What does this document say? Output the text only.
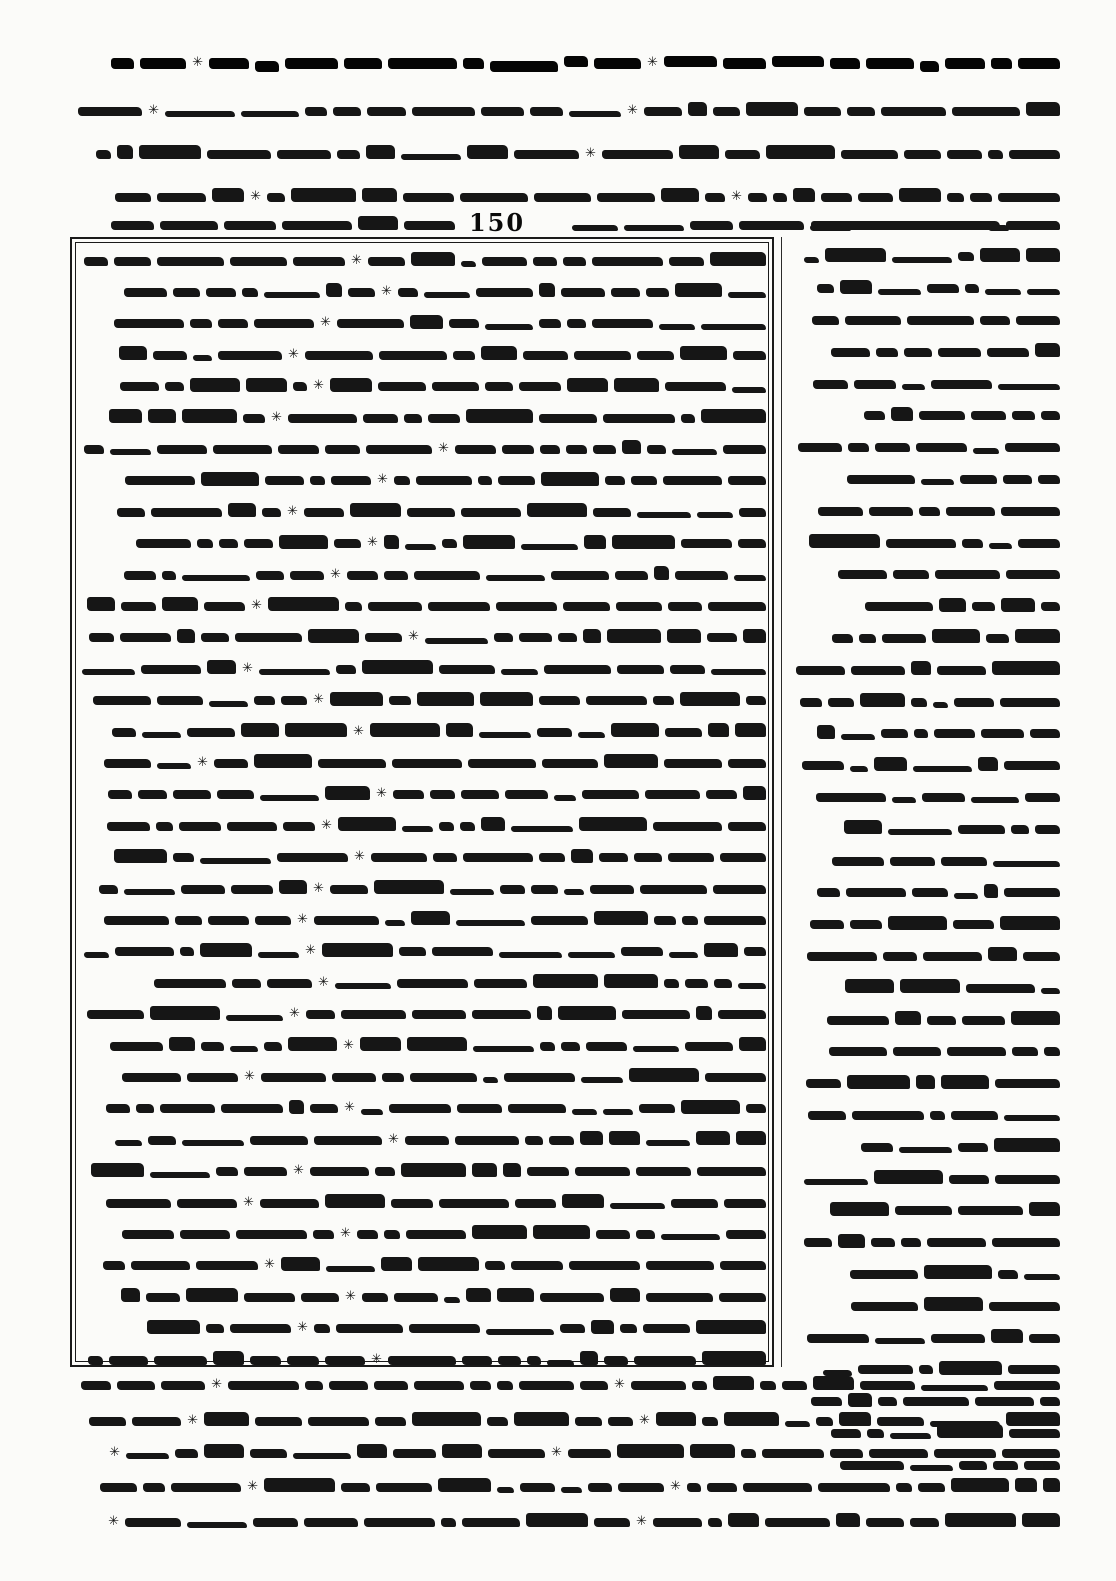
✳
✳
✳
✳
✳
✳
✳
150
✳
✳
✳
✳
✳
✳
✳
✳
✳
✳
✳
✳
✳
✳
✳
✳
✳
✳
✳
✳
✳
✳
✳
✳
✳
✳
✳
✳
✳
✳
✳
✳
✳
✳
✳
✳
✳
✳
✳
✳
✳
✳
✳
✳
✳
✳
